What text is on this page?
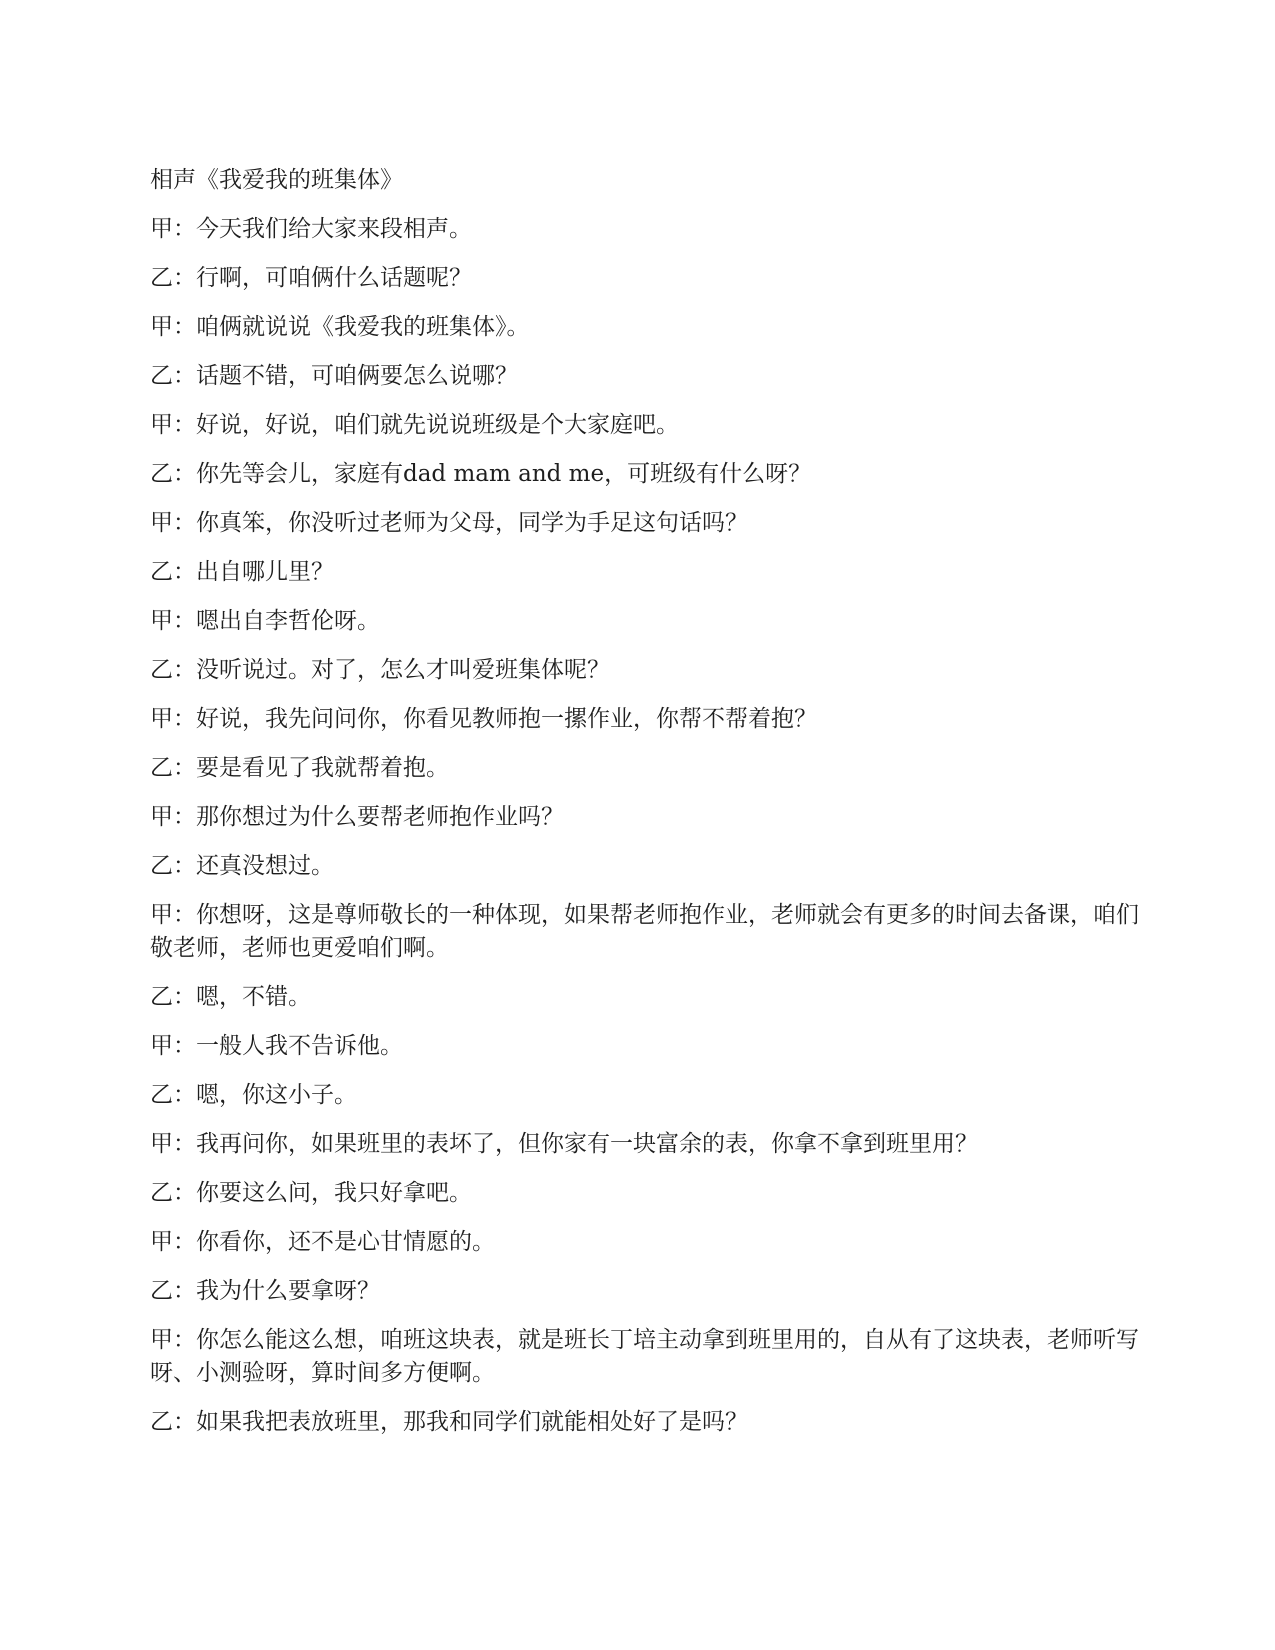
相声《我爱我的班集体》
甲：今天我们给大家来段相声。
乙：行啊，可咱俩什么话题呢？
甲：咱俩就说说《我爱我的班集体》。
乙：话题不错，可咱俩要怎么说哪？
甲：好说，好说，咱们就先说说班级是个大家庭吧。
乙：你先等会儿，家庭有dad mam and me，可班级有什么呀？
甲：你真笨，你没听过老师为父母，同学为手足这句话吗？
乙：出自哪儿里？
甲：嗯出自李哲伦呀。
乙：没听说过。对了，怎么才叫爱班集体呢？
甲：好说，我先问问你，你看见教师抱一摞作业，你帮不帮着抱？
乙：要是看见了我就帮着抱。
甲：那你想过为什么要帮老师抱作业吗？
乙：还真没想过。
甲：你想呀，这是尊师敬长的一种体现，如果帮老师抱作业，老师就会有更多的时间去备课，咱们敬老师，老师也更爱咱们啊。
乙：嗯，不错。
甲：一般人我不告诉他。
乙：嗯，你这小子。
甲：我再问你，如果班里的表坏了，但你家有一块富余的表，你拿不拿到班里用？
乙：你要这么问，我只好拿吧。
甲：你看你，还不是心甘情愿的。
乙：我为什么要拿呀？
甲：你怎么能这么想，咱班这块表，就是班长丁培主动拿到班里用的，自从有了这块表，老师听写呀、小测验呀，算时间多方便啊。
乙：如果我把表放班里，那我和同学们就能相处好了是吗？
